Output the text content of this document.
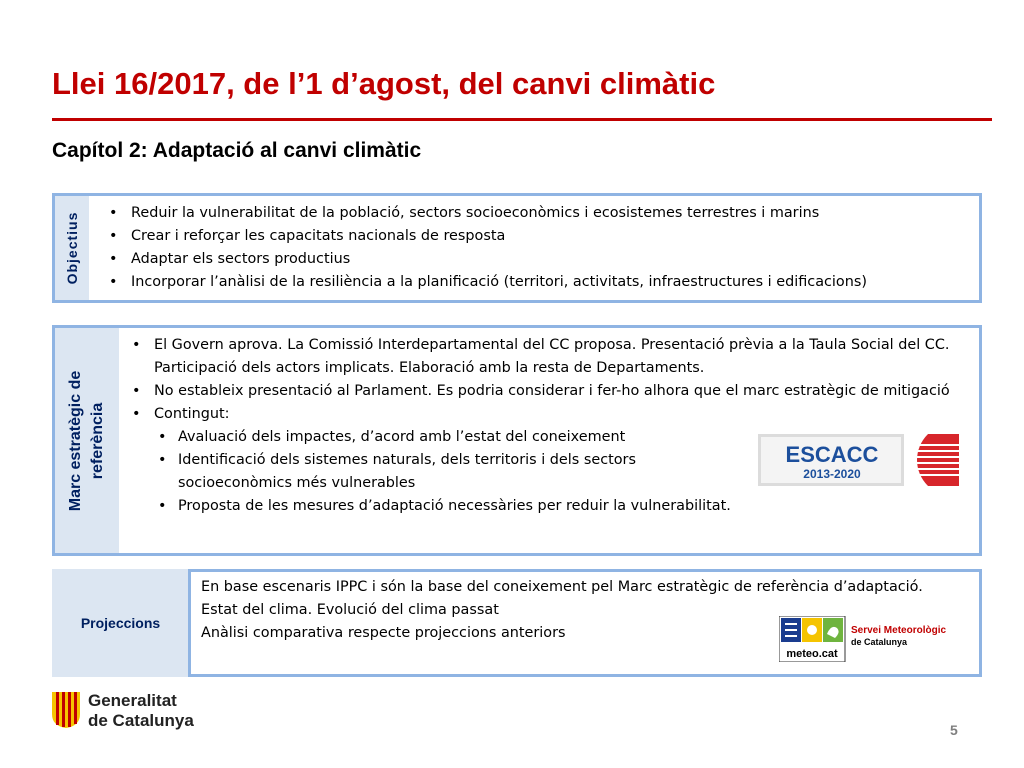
Llei 16/2017, de l’1 d’agost, del canvi climàtic
Capítol 2: Adaptació al canvi climàtic
Objectius
•	Reduir la vulnerabilitat de la població, sectors socioeconòmics i ecosistemes terrestres i marins
• Crear i reforçar les capacitats nacionals de resposta
• Adaptar els sectors productius
• Incorporar l’anàlisi de la resiliència a la planificació (territori, activitats, infraestructures i edificacions)
Marc estratègic de referència
• El Govern aprova. La Comissió Interdepartamental del CC proposa. Presentació prèvia a la Taula Social del CC. Participació dels actors implicats. Elaboració amb la resta de Departaments.
• No estableix presentació al Parlament. Es podria considerar i fer-ho alhora que el marc estratègic de mitigació
• Contingut:
• Avaluació dels impactes, d’acord amb l’estat del coneixement
• Identificació dels sistemes naturals, dels territoris i dels sectors socioeconòmics més vulnerables
• Proposta de les mesures d’adaptació necessàries per reduir la vulnerabilitat.
ESCACC
2013-2020
Projeccions
En base escenaris IPPC i són la base del coneixement pel Marc estratègic de referència d’adaptació.
Estat del clima. Evolució del clima passat
Anàlisi comparativa respecte projeccions anteriors
meteo.cat
Servei Meteorològic
de Catalunya
Generalitat
de Catalunya	5
